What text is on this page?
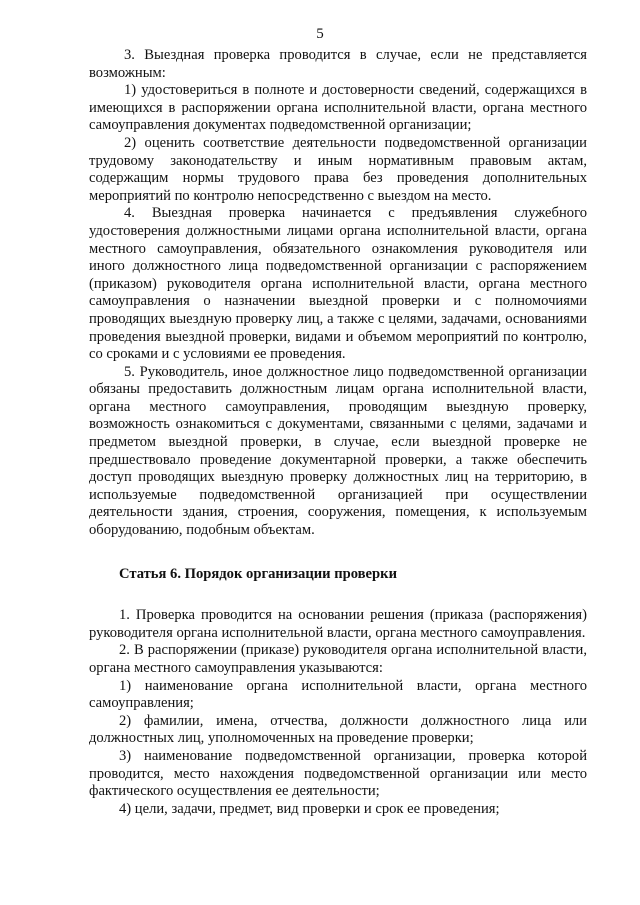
5

3. Выездная проверка проводится в случае, если не представляется возможным:

1) удостовериться в полноте и достоверности сведений, содержащихся в имеющихся в распоряжении органа исполнительной власти, органа местного самоуправления документах подведомственной организации;

2) оценить соответствие деятельности подведомственной организации трудовому законодательству и иным нормативным правовым актам, содержащим нормы трудового права без проведения дополнительных мероприятий по контролю непосредственно с выездом на место.

4. Выездная проверка начинается с предъявления служебного удостоверения должностными лицами органа исполнительной власти, органа местного самоуправления, обязательного ознакомления руководителя или иного должностного лица подведомственной организации с распоряжением (приказом) руководителя органа исполнительной власти, органа местного самоуправления о назначении выездной проверки и с полномочиями проводящих выездную проверку лиц, а также с целями, задачами, основаниями проведения выездной проверки, видами и объемом мероприятий по контролю, со сроками и с условиями ее проведения.

5. Руководитель, иное должностное лицо подведомственной организации обязаны предоставить должностным лицам органа исполнительной власти, органа местного самоуправления, проводящим выездную проверку, возможность ознакомиться с документами, связанными с целями, задачами и предметом выездной проверки, в случае, если выездной проверке не предшествовало проведение документарной проверки, а также обеспечить доступ проводящих выездную проверку должностных лиц на территорию, в используемые подведомственной организацией при осуществлении деятельности здания, строения, сооружения, помещения, к используемым оборудованию, подобным объектам.

Статья 6. Порядок организации проверки

1. Проверка проводится на основании решения (приказа (распоряжения) руководителя органа исполнительной власти, органа местного самоуправления.

2. В распоряжении (приказе) руководителя органа исполнительной власти, органа местного самоуправления указываются:

1) наименование органа исполнительной власти, органа местного самоуправления;

2) фамилии, имена, отчества, должности должностного лица или должностных лиц, уполномоченных на проведение проверки;

3) наименование подведомственной организации, проверка которой проводится, место нахождения подведомственной организации или место фактического осуществления ее деятельности;

4) цели, задачи, предмет, вид проверки и срок ее проведения;
